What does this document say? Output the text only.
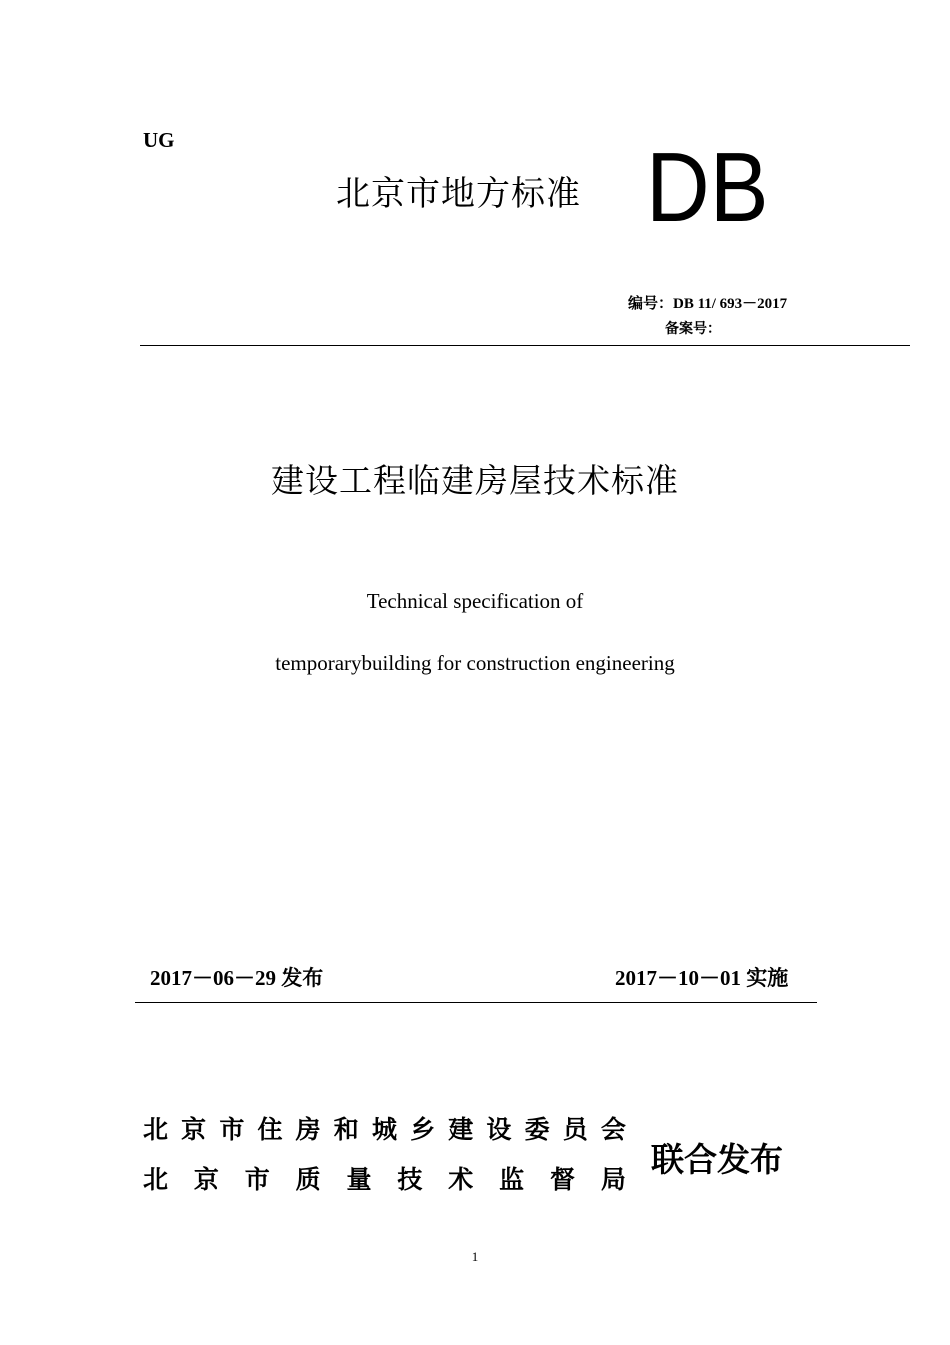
UG
北京市地方标准 DB
编号：DB 11/ 693－2017
备案号：
建设工程临建房屋技术标准
Technical specification of
temporarybuilding for construction engineering
2017－06－29 发布	2017－10－01 实施
北 京 市 住 房 和 城 乡 建 设 委 员 会
北 京 市 质 量 技 术 监 督 局
联合发布
1
